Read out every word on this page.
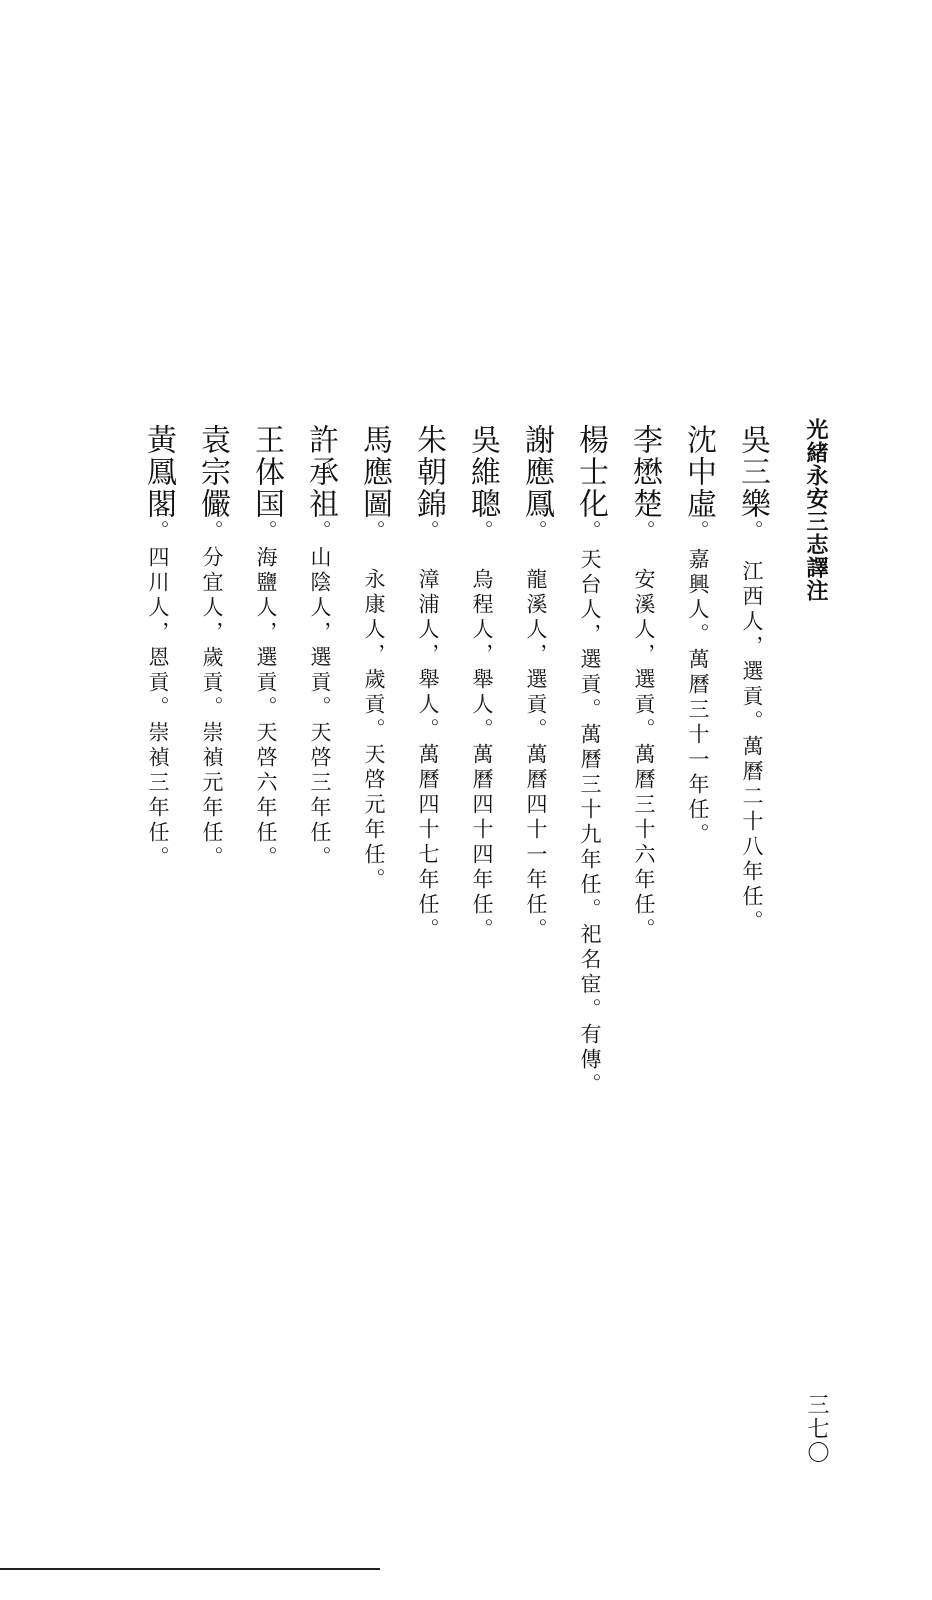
光緒永安三志譯注
吳三樂。江西人，選貢。萬曆二十八年任。
沈中虛。嘉興人。萬曆三十一年任。
李懋楚。安溪人，選貢。萬曆三十六年任。
楊士化。天台人，選貢。萬曆三十九年任。祀名宦。有傳。
謝應鳳。龍溪人，選貢。萬曆四十一年任。
吳維聰。烏程人，舉人。萬曆四十四年任。
朱朝錦。漳浦人，舉人。萬曆四十七年任。
馬應圖。永康人，歲貢。天啓元年任。
許承祖。山陰人，選貢。天啓三年任。
王体国。海鹽人，選貢。天啓六年任。
袁宗儼。分宜人，歲貢。崇禎元年任。
黃鳳閣。四川人，恩貢。崇禎三年任。
三七〇
